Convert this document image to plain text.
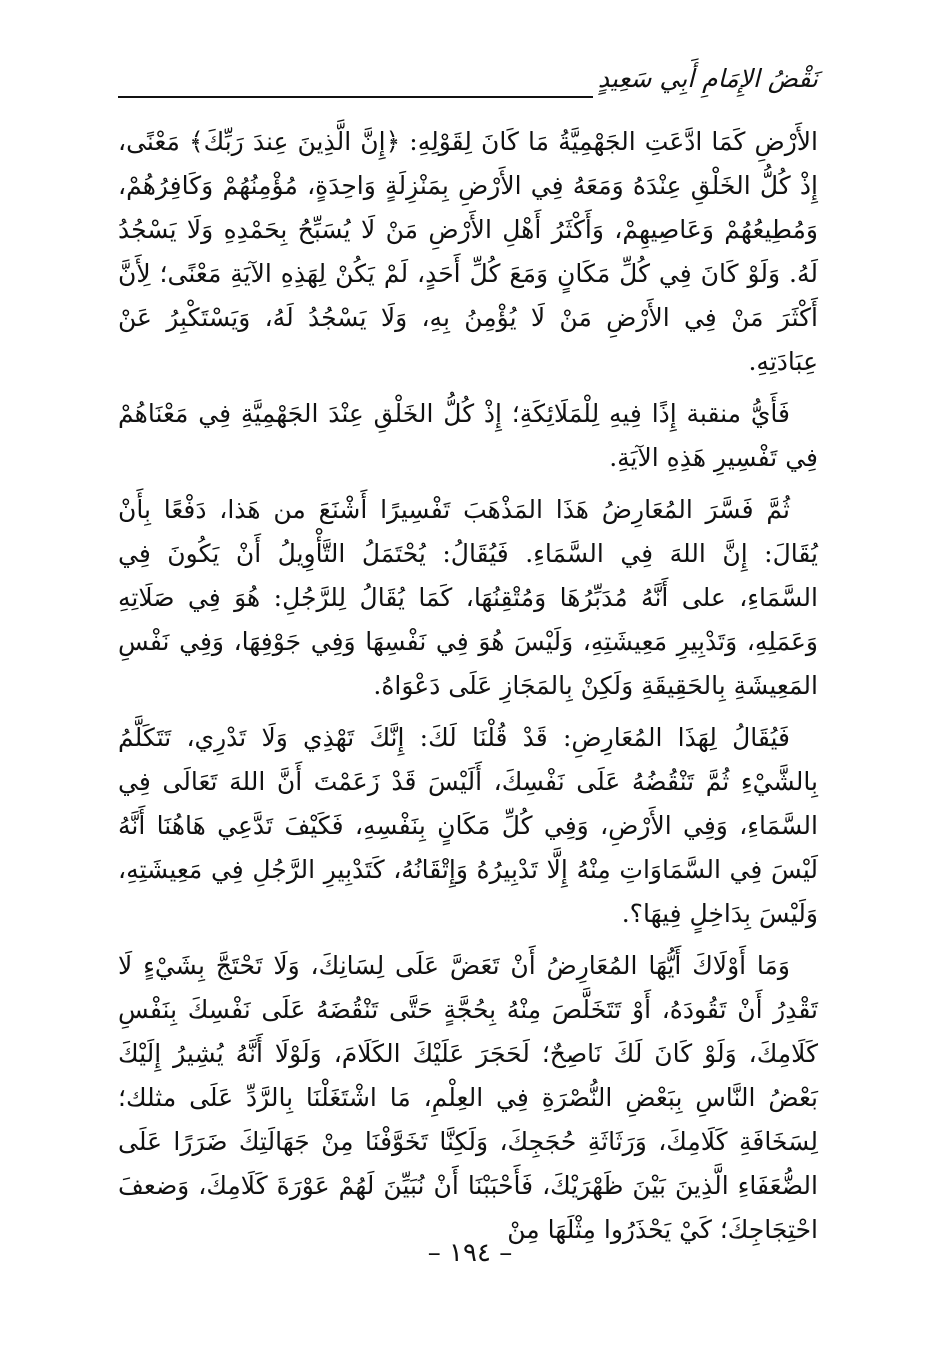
نَقْضُ الإِمَامِ أَبِي سَعِيدٍ

الأَرْضِ كَمَا ادَّعَتِ الجَهْمِيَّةُ مَا كَانَ لِقَوْلِهِ: ﴿إِنَّ الَّذِينَ عِندَ رَبِّكَ﴾ مَعْنًى، إِذْ كُلُّ الخَلْقِ عِنْدَهُ وَمَعَهُ فِي الأَرْضِ بِمَنْزِلَةٍ وَاحِدَةٍ، مُؤْمِنُهُمْ وَكَافِرُهُمْ، وَمُطِيعُهُمْ وَعَاصِيهِمْ، وَأَكْثَرُ أَهْلِ الأَرْضِ مَنْ لَا يُسَبِّحُ بِحَمْدِهِ وَلَا يَسْجُدُ لَهُ. وَلَوْ كَانَ فِي كُلِّ مَكَانٍ وَمَعَ كُلِّ أَحَدٍ، لَمْ يَكُنْ لِهَذِهِ الآيَةِ مَعْنًى؛ لِأَنَّ أَكْثَرَ مَنْ فِي الأَرْضِ مَنْ لَا يُؤْمِنُ بِهِ، وَلَا يَسْجُدُ لَهُ، وَيَسْتَكْبِرُ عَنْ عِبَادَتِهِ.

فَأَيُّ منقبة إِذًا فِيهِ لِلْمَلَائِكَةِ؛ إِذْ كُلُّ الخَلْقِ عِنْدَ الجَهْمِيَّةِ فِي مَعْنَاهُمْ فِي تَفْسِيرِ هَذِهِ الآيَةِ.

ثُمَّ فَسَّرَ المُعَارِضُ هَذَا المَذْهَبَ تَفْسِيرًا أَشْنَعَ من هَذا، دَفْعًا بِأَنْ يُقَالَ: إِنَّ اللهَ فِي السَّمَاءِ. فَيُقَالُ: يُحْتَمَلُ التَّأْوِيلُ أَنْ يَكُونَ فِي السَّمَاءِ، على أَنَّهُ مُدَبِّرُهَا وَمُتْقِنُهَا، كَمَا يُقَالُ لِلرَّجُلِ: هُوَ فِي صَلَاتِهِ وَعَمَلِهِ، وَتَدْبِيرِ مَعِيشَتِهِ، وَلَيْسَ هُوَ فِي نَفْسِهَا وَفِي جَوْفِهَا، وَفِي نَفْسِ المَعِيشَةِ بِالحَقِيقَةِ وَلَكِنْ بِالمَجَازِ عَلَى دَعْوَاهُ.

فَيُقَالُ لِهَذَا المُعَارِضِ: قَدْ قُلْنَا لَكَ: إِنَّكَ تَهْذِي وَلَا تَدْرِي، تَتَكَلَّمُ بِالشَّيْءِ ثُمَّ تَنْقُضُهُ عَلَى نَفْسِكَ، أَلَيْسَ قَدْ زَعَمْتَ أَنَّ اللهَ تَعَالَى فِي السَّمَاءِ، وَفِي الأَرْضِ، وَفِي كُلِّ مَكَانٍ بِنَفْسِهِ، فَكَيْفَ تَدَّعِي هَاهُنَا أَنَّهُ لَيْسَ فِي السَّمَاوَاتِ مِنْهُ إِلَّا تَدْبِيرُهُ وَإِتْقَانُهُ، كَتَدْبِيرِ الرَّجُلِ فِي مَعِيشَتِهِ، وَلَيْسَ بِدَاخِلٍ فِيهَا؟.

وَمَا أَوْلَاكَ أَيُّهَا المُعَارِضُ أَنْ تَعَضَّ عَلَى لِسَانِكَ، وَلَا تَحْتَجَّ بِشَيْءٍ لَا تَقْدِرُ أَنْ تَقُودَهُ، أَوْ تَتَخَلَّصَ مِنْهُ بِحُجَّةٍ حَتَّى تَنْقُضَهُ عَلَى نَفْسِكَ بِنَفْسِ كَلَامِكَ، وَلَوْ كَانَ لَكَ نَاصِحٌ؛ لَحَجَرَ عَلَيْكَ الكَلَامَ، وَلَوْلَا أَنَّهُ يُشِيرُ إِلَيْكَ بَعْضُ النَّاسِ بِبَعْضِ النُّصْرَةِ فِي العِلْمِ، مَا اشْتَغَلْنَا بِالرَّدِّ عَلَى مثلك؛ لِسَخَافَةِ كَلَامِكَ، وَرَثَاثَةِ حُجَجِكَ، وَلَكِنَّا تَخَوَّفْنَا مِنْ جَهَالَتِكَ ضَرَرًا عَلَى الضُّعَفَاءِ الَّذِينَ بَيْنَ ظَهْرَيْكَ، فَأَحْبَبْنَا أَنْ نُبَيِّنَ لَهُمْ عَوْرَةَ كَلَامِكَ، وَضعفَ احْتِجَاجِكَ؛ كَيْ يَحْذَرُوا مِثْلَهَا مِنْ

– ١٩٤ –
